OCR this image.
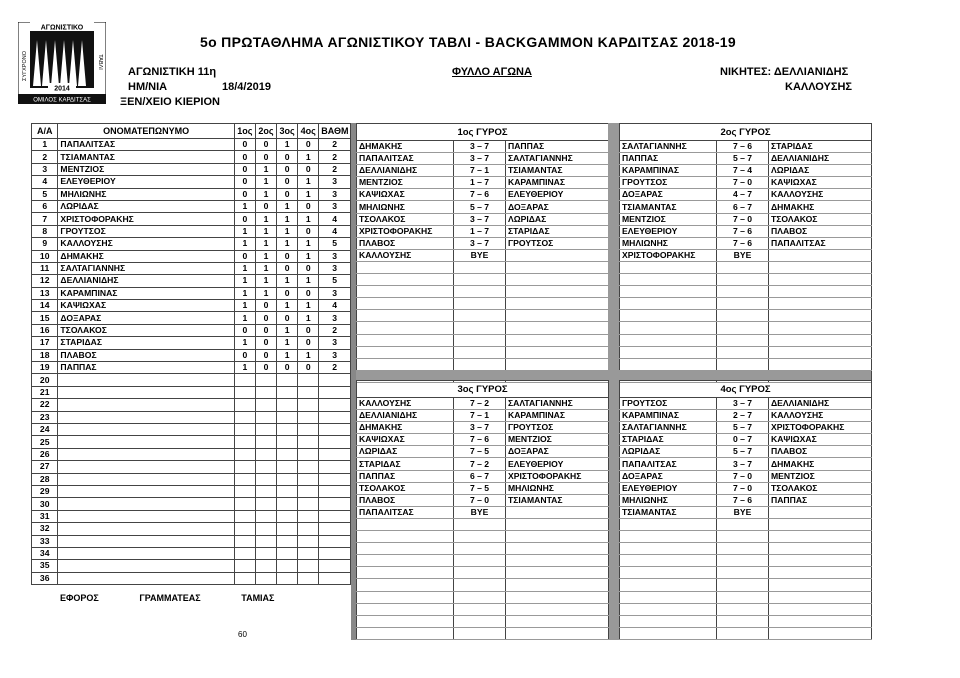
ΑΓΩΝΙΣΤΙΚΟ
ΣΥΓΧΡΟΝΟ	ΤΑΒΛΙ
2014
ΟΜΙΛΟΣ ΚΑΡΔΙΤΣΑΣ
5ο ΠΡΩΤΑΘΛΗΜΑ ΑΓΩΝΙΣΤΙΚΟΥ ΤΑΒΛΙ - BACKGAMMON ΚΑΡΔΙΤΣΑΣ 2018-19
ΑΓΩΝΙΣΤΙΚΗ 11η
ΗΜ/ΝΙΑ	18/4/2019
ΞΕΝ/ΧΕΙΟ ΚΙΕΡΙΟΝ
ΦΥΛΛΟ ΑΓΩΝΑ	ΝΙΚΗΤΕΣ: ΔΕΛΛΙΑΝΙΔΗΣ
ΚΑΛΛΟΥΣΗΣ
Α/Α	ΟΝΟΜΑΤΕΠΩΝΥΜΟ	1ος	2ος	3ος	4ος	ΒΑΘΜ
1	ΠΑΠΑΛΙΤΣΑΣ	0	0	1	0	2
2	ΤΣΙΑΜΑΝΤΑΣ	0	0	0	1	2
3	ΜΕΝΤΖΙΟΣ	0	1	0	0	2
4	ΕΛΕΥΘΕΡΙΟΥ	0	1	0	1	3
5	ΜΗΛΙΩΝΗΣ	0	1	0	1	3
6	ΛΩΡΙΔΑΣ	1	0	1	0	3
7	ΧΡΙΣΤΟΦΟΡΑΚΗΣ	0	1	1	1	4
8	ΓΡΟΥΤΣΟΣ	1	1	1	0	4
9	ΚΑΛΛΟΥΣΗΣ	1	1	1	1	5
10	ΔΗΜΑΚΗΣ	0	1	0	1	3
11	ΣΑΛΤΑΓΙΑΝΝΗΣ	1	1	0	0	3
12	ΔΕΛΛΙΑΝΙΔΗΣ	1	1	1	1	5
13	ΚΑΡΑΜΠΙΝΑΣ	1	1	0	0	3
14	ΚΑΨΙΩΧΑΣ	1	0	1	1	4
15	ΔΟΞΑΡΑΣ	1	0	0	1	3
16	ΤΣΟΛΑΚΟΣ	0	0	1	0	2
17	ΣΤΑΡΙΔΑΣ	1	0	1	0	3
18	ΠΛΑΒΟΣ	0	0	1	1	3
19	ΠΑΠΠΑΣ	1	0	0	0	2
20						
21						
22						
23						
24						
25						
26						
27						
28						
29						
30						
31						
32						
33						
34						
35						
36						
1ος ΓΥΡΟΣ		
ΔΗΜΑΚΗΣ	3 – 7	ΠΑΠΠΑΣ
ΠΑΠΑΛΙΤΣΑΣ	3 – 7	ΣΑΛΤΑΓΙΑΝΝΗΣ
ΔΕΛΛΙΑΝΙΔΗΣ	7 – 1	ΤΣΙΑΜΑΝΤΑΣ
ΜΕΝΤΖΙΟΣ	1 – 7	ΚΑΡΑΜΠΙΝΑΣ
ΚΑΨΙΩΧΑΣ	7 – 6	ΕΛΕΥΘΕΡΙΟΥ
ΜΗΛΙΩΝΗΣ	5 – 7	ΔΟΞΑΡΑΣ
ΤΣΟΛΑΚΟΣ	3 – 7	ΛΩΡΙΔΑΣ
ΧΡΙΣΤΟΦΟΡΑΚΗΣ	1 – 7	ΣΤΑΡΙΔΑΣ
ΠΛΑΒΟΣ	3 – 7	ΓΡΟΥΤΣΟΣ
ΚΑΛΛΟΥΣΗΣ	BYE	

2ος ΓΥΡΟΣ		
ΣΑΛΤΑΓΙΑΝΝΗΣ	7 – 6	ΣΤΑΡΙΔΑΣ
ΠΑΠΠΑΣ	5 – 7	ΔΕΛΛΙΑΝΙΔΗΣ
ΚΑΡΑΜΠΙΝΑΣ	7 – 4	ΛΩΡΙΔΑΣ
ΓΡΟΥΤΣΟΣ	7 – 0	ΚΑΨΙΩΧΑΣ
ΔΟΞΑΡΑΣ	4 – 7	ΚΑΛΛΟΥΣΗΣ
ΤΣΙΑΜΑΝΤΑΣ	6 – 7	ΔΗΜΑΚΗΣ
ΜΕΝΤΖΙΟΣ	7 – 0	ΤΣΟΛΑΚΟΣ
ΕΛΕΥΘΕΡΙΟΥ	7 – 6	ΠΛΑΒΟΣ
ΜΗΛΙΩΝΗΣ	7 – 6	ΠΑΠΑΛΙΤΣΑΣ
ΧΡΙΣΤΟΦΟΡΑΚΗΣ	BYE	

3ος ΓΥΡΟΣ		
ΚΑΛΛΟΥΣΗΣ	7 – 2	ΣΑΛΤΑΓΙΑΝΝΗΣ
ΔΕΛΛΙΑΝΙΔΗΣ	7 – 1	ΚΑΡΑΜΠΙΝΑΣ
ΔΗΜΑΚΗΣ	3 – 7	ΓΡΟΥΤΣΟΣ
ΚΑΨΙΩΧΑΣ	7 – 6	ΜΕΝΤΖΙΟΣ
ΛΩΡΙΔΑΣ	7 – 5	ΔΟΞΑΡΑΣ
ΣΤΑΡΙΔΑΣ	7 – 2	ΕΛΕΥΘΕΡΙΟΥ
ΠΑΠΠΑΣ	6 – 7	ΧΡΙΣΤΟΦΟΡΑΚΗΣ
ΤΣΟΛΑΚΟΣ	7 – 5	ΜΗΛΙΩΝΗΣ
ΠΛΑΒΟΣ	7 – 0	ΤΣΙΑΜΑΝΤΑΣ
ΠΑΠΑΛΙΤΣΑΣ	BYE	

4ος ΓΥΡΟΣ		
ΓΡΟΥΤΣΟΣ	3 – 7	ΔΕΛΛΙΑΝΙΔΗΣ
ΚΑΡΑΜΠΙΝΑΣ	2 – 7	ΚΑΛΛΟΥΣΗΣ
ΣΑΛΤΑΓΙΑΝΝΗΣ	5 – 7	ΧΡΙΣΤΟΦΟΡΑΚΗΣ
ΣΤΑΡΙΔΑΣ	0 – 7	ΚΑΨΙΩΧΑΣ
ΛΩΡΙΔΑΣ	5 – 7	ΠΛΑΒΟΣ
ΠΑΠΑΛΙΤΣΑΣ	3 – 7	ΔΗΜΑΚΗΣ
ΔΟΞΑΡΑΣ	7 – 0	ΜΕΝΤΖΙΟΣ
ΕΛΕΥΘΕΡΙΟΥ	7 – 0	ΤΣΟΛΑΚΟΣ
ΜΗΛΙΩΝΗΣ	7 – 6	ΠΑΠΠΑΣ
ΤΣΙΑΜΑΝΤΑΣ	BYE	

ΕΦΟΡΟΣ	ΓΡΑΜΜΑΤΕΑΣ	ΤΑΜΙΑΣ
60
